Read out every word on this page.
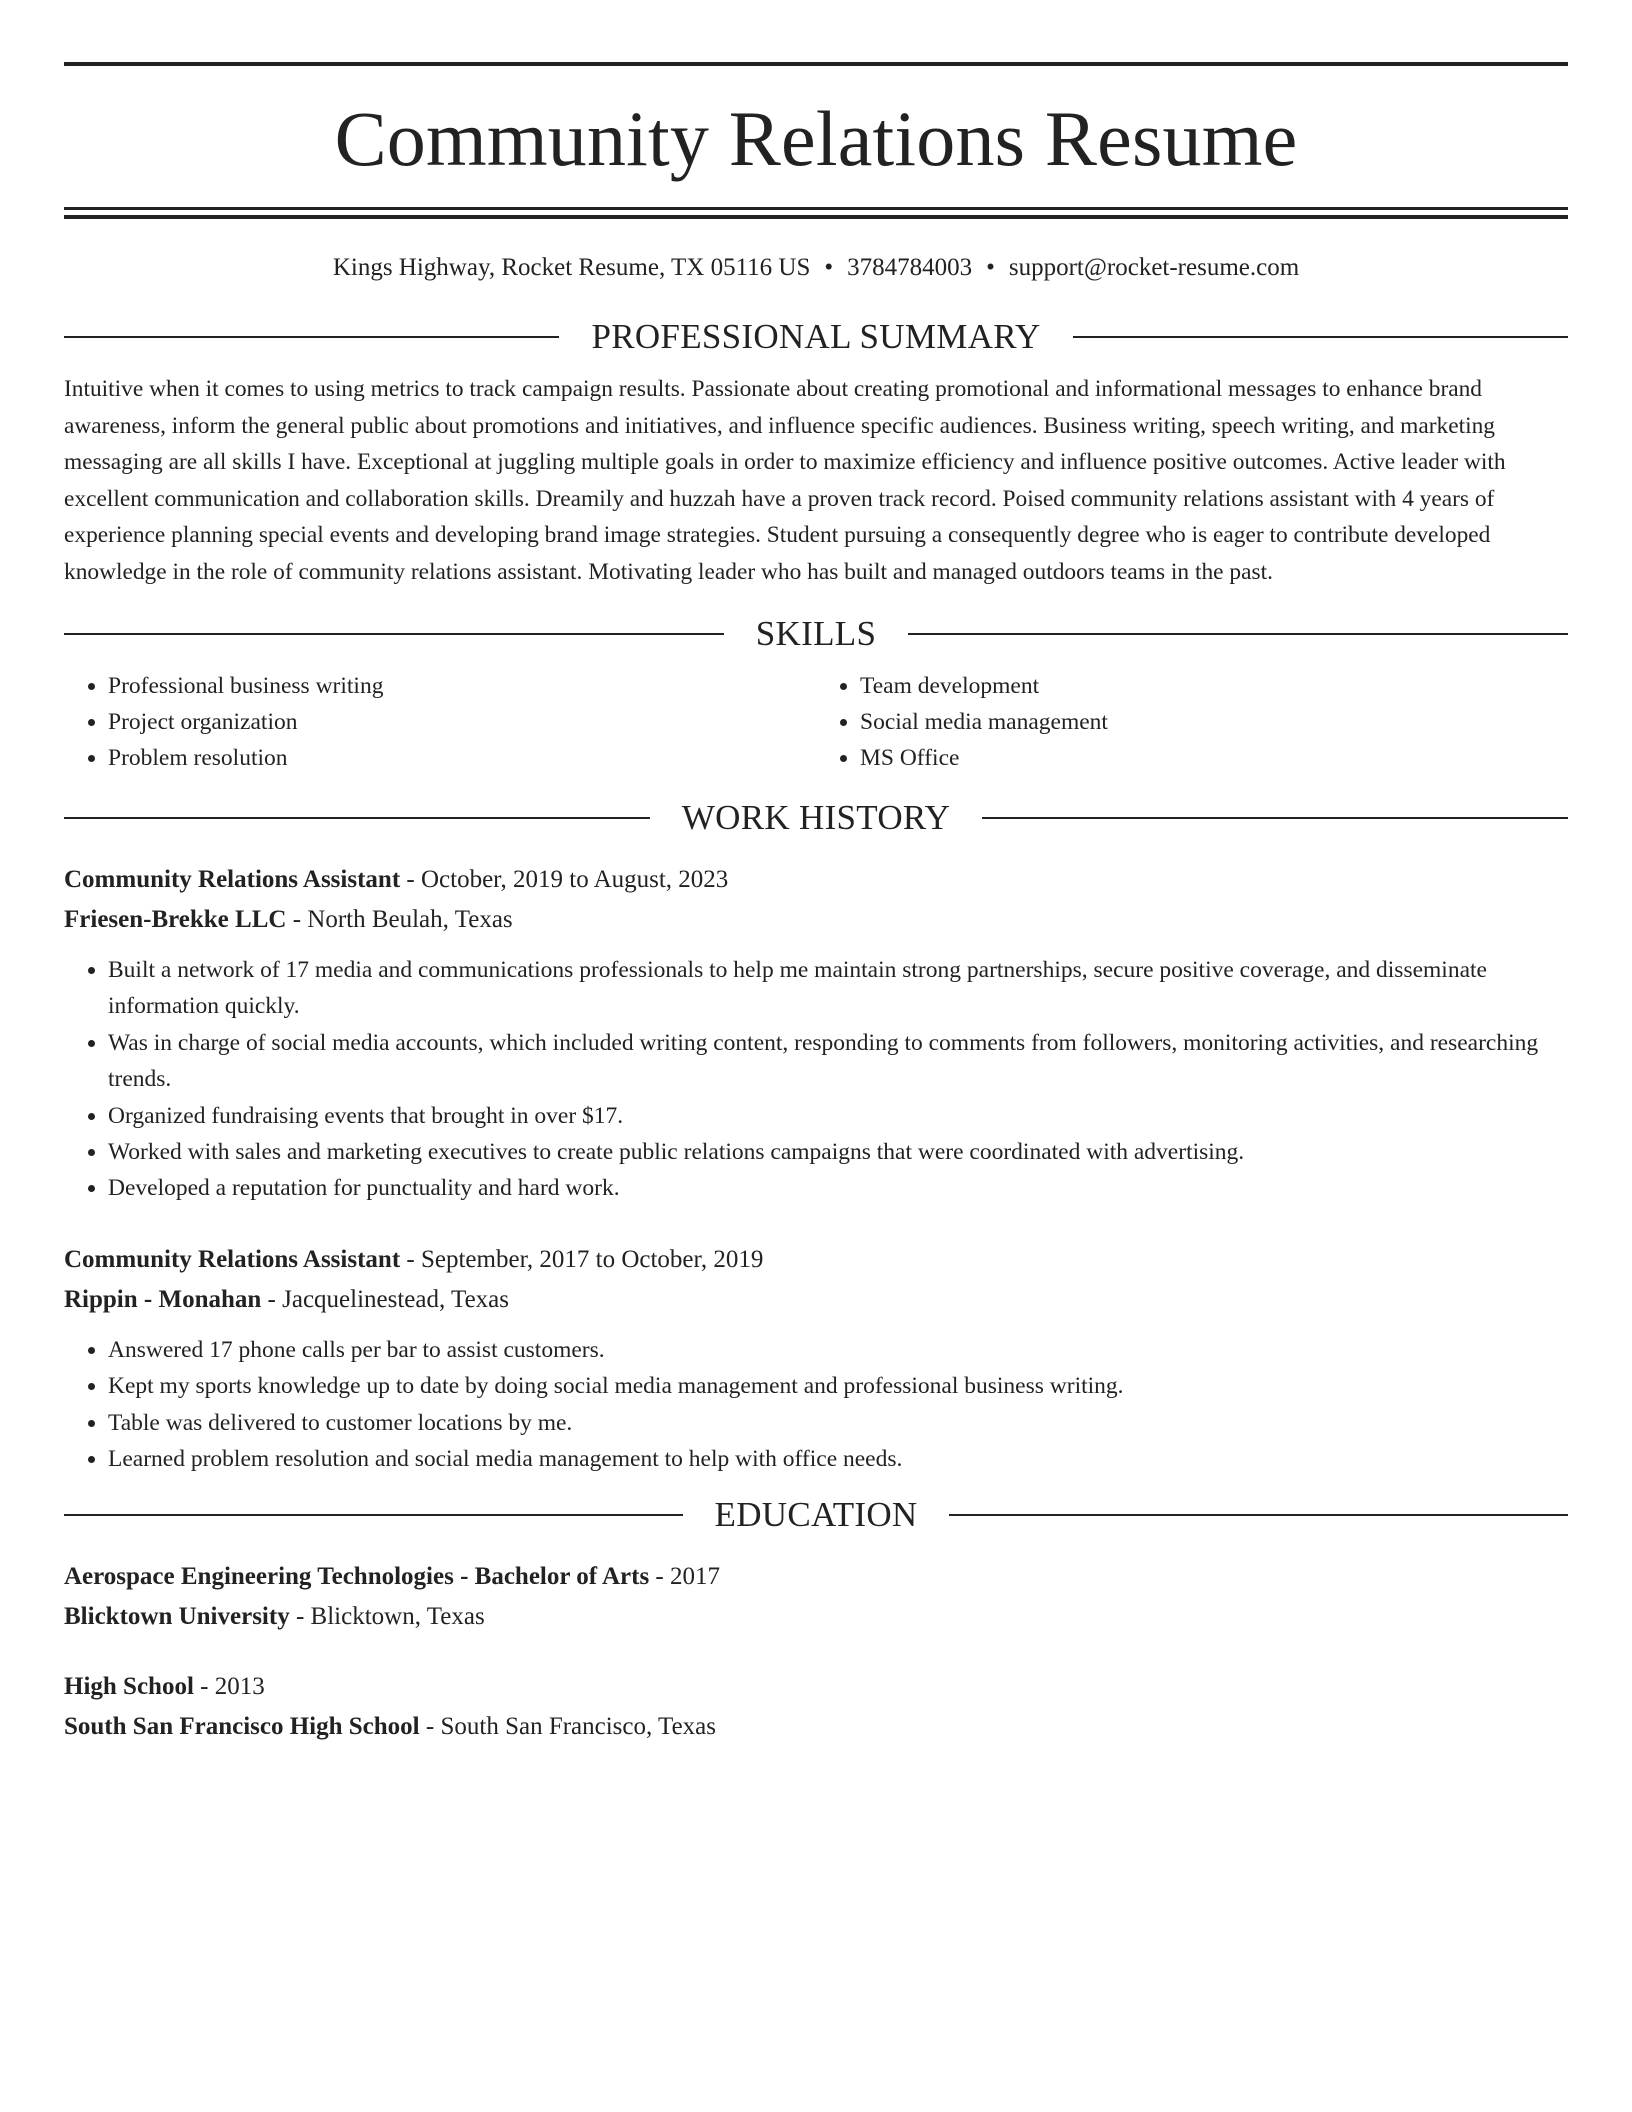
Community Relations Resume
Kings Highway, Rocket Resume, TX 05116 US • 3784784003 • support@rocket-resume.com
PROFESSIONAL SUMMARY

Intuitive when it comes to using metrics to track campaign results. Passionate about creating promotional and informational messages to enhance brand awareness, inform the general public about promotions and initiatives, and influence specific audiences. Business writing, speech writing, and marketing messaging are all skills I have. Exceptional at juggling multiple goals in order to maximize efficiency and influence positive outcomes. Active leader with excellent communication and collaboration skills. Dreamily and huzzah have a proven track record. Poised community relations assistant with 4 years of experience planning special events and developing brand image strategies. Student pursuing a consequently degree who is eager to contribute developed knowledge in the role of community relations assistant. Motivating leader who has built and managed outdoors teams in the past.

SKILLS
• Professional business writing
• Project organization
• Problem resolution
• Team development
• Social media management
• MS Office
WORK HISTORY
Community Relations Assistant - October, 2019 to August, 2023
Friesen-Brekke LLC - North Beulah, Texas
• Built a network of 17 media and communications professionals to help me maintain strong partnerships, secure positive coverage, and disseminate information quickly.
• Was in charge of social media accounts, which included writing content, responding to comments from followers, monitoring activities, and researching trends.
• Organized fundraising events that brought in over $17.
• Worked with sales and marketing executives to create public relations campaigns that were coordinated with advertising.
• Developed a reputation for punctuality and hard work.
Community Relations Assistant - September, 2017 to October, 2019
Rippin - Monahan - Jacquelinestead, Texas
• Answered 17 phone calls per bar to assist customers.
• Kept my sports knowledge up to date by doing social media management and professional business writing.
• Table was delivered to customer locations by me.
• Learned problem resolution and social media management to help with office needs.
EDUCATION
Aerospace Engineering Technologies - Bachelor of Arts - 2017
Blicktown University - Blicktown, Texas
High School - 2013
South San Francisco High School - South San Francisco, Texas
